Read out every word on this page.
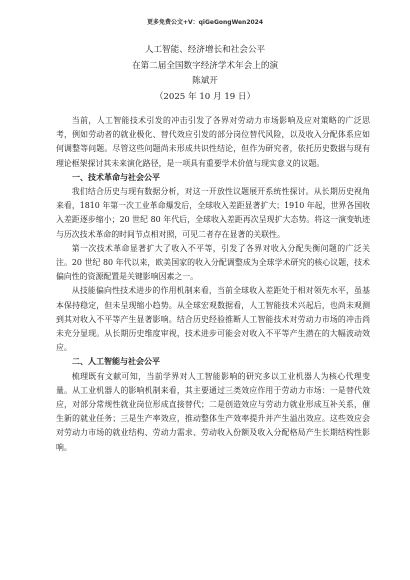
更多免费公文+V：qiGeGongWen2024
人工智能、经济增长和社会公平
在第二届全国数字经济学术年会上的演
陈斌开
（2025 年 10 月 19 日）

当前，人工智能技术引发的冲击引发了各界对劳动力市场影响及应对策略的广泛思考，例如劳动者的就业极化、替代效应引发的部分岗位替代风险，以及收入分配体系应如何调整等问题。尽管这些问题尚未形成共识性结论，但作为研究者，依托历史数据与现有理论框架探讨其未来演化路径，是一项具有重要学术价值与现实意义的议题。

一、技术革命与社会公平

我们结合历史与现有数据分析，对这一开放性议题展开系统性探讨。从长期历史视角来看，1810 年第一次工业革命爆发后，全球收入差距显著扩大；1910 年起，世界各国收入差距逐步缩小；20 世纪 80 年代后，全球收入差距再次呈现扩大态势。将这一演变轨迹与历次技术革命的时间节点相对照，可见二者存在显著的关联性。

第一次技术革命显著扩大了收入不平等，引发了各界对收入分配失衡问题的广泛关注。20 世纪 80 年代以来，欧美国家的收入分配调整成为全球学术研究的核心议题，技术偏向性的资源配置是关键影响因素之一。

从技能偏向性技术进步的作用机制来看，当前全球收入差距处于相对领先水平，虽基本保持稳定，但未呈现缩小趋势。从全球宏观数据看，人工智能技术兴起后，也尚未观测到其对收入不平等产生显著影响。结合历史经验推断人工智能技术对劳动力市场的冲击尚未充分显现。从长期历史维度审视，技术进步可能会对收入不平等产生潜在的大幅波动效应。

二、人工智能与社会公平

梳理既有文献可知，当前学界对人工智能影响的研究多以工业机器人为核心代理变量。从工业机器人的影响机制来看，其主要通过三类效应作用于劳动力市场：一是替代效应，对部分常规性就业岗位形成直接替代；二是创造效应与劳动力就业形成互补关系，催生新的就业任务；三是生产率效应，推动整体生产效率提升并产生溢出效应。这些效应会对劳动力市场的就业结构、劳动力需求、劳动收入份额及收入分配格局产生长期结构性影响。
